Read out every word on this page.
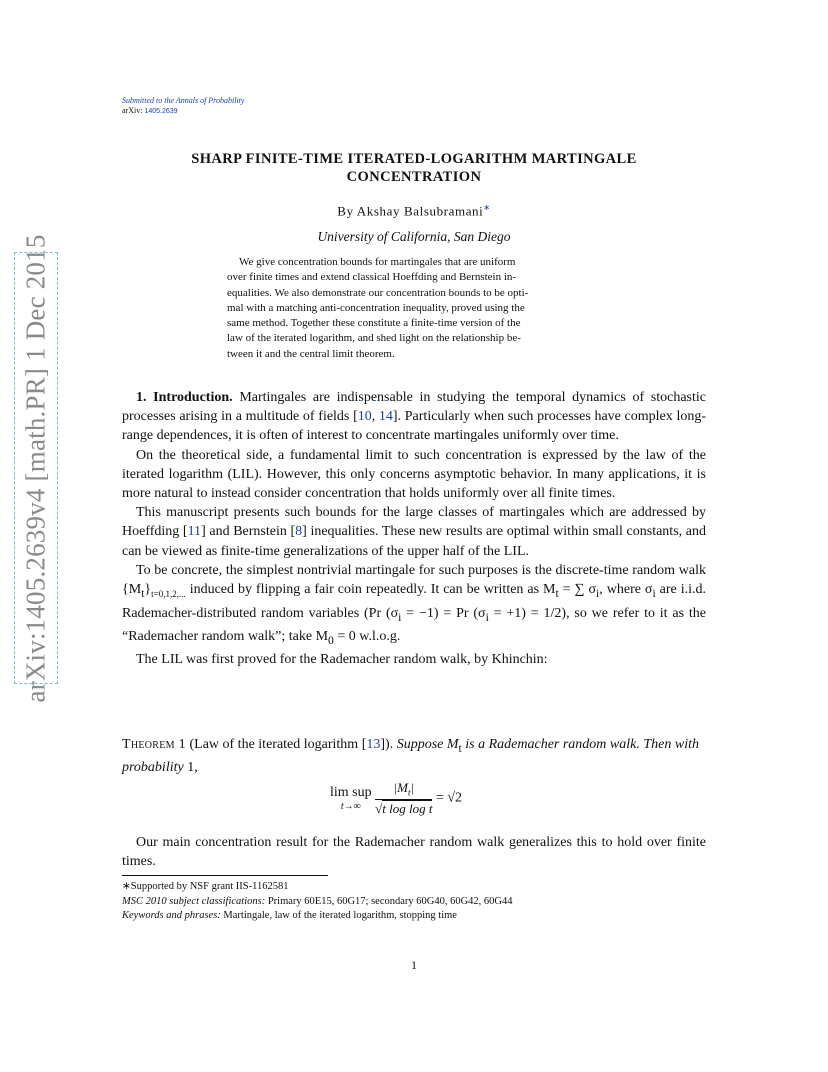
arXiv:1405.2639v4 [math.PR] 1 Dec 2015
Submitted to the Annals of Probability
arXiv: 1405.2639
SHARP FINITE-TIME ITERATED-LOGARITHM MARTINGALE
CONCENTRATION
By Akshay Balsubramani∗
University of California, San Diego
We give concentration bounds for martingales that are uniform
over finite times and extend classical Hoeffding and Bernstein in-
equalities. We also demonstrate our concentration bounds to be opti-
mal with a matching anti-concentration inequality, proved using the
same method. Together these constitute a finite-time version of the
law of the iterated logarithm, and shed light on the relationship be-
tween it and the central limit theorem.

1. Introduction. Martingales are indispensable in studying the temporal dynamics of stochastic processes arising in a multitude of fields [10, 14]. Particularly when such processes have complex long-range dependences, it is often of interest to concentrate martingales uniformly over time.

On the theoretical side, a fundamental limit to such concentration is expressed by the law of the iterated logarithm (LIL). However, this only concerns asymptotic behavior. In many applications, it is more natural to instead consider concentration that holds uniformly over all finite times.

This manuscript presents such bounds for the large classes of martingales which are addressed by Hoeffding [11] and Bernstein [8] inequalities. These new results are optimal within small constants, and can be viewed as finite-time generalizations of the upper half of the LIL.

To be concrete, the simplest nontrivial martingale for such purposes is the discrete-time random walk $\{M_t\}_{t=0,1,2,...}$ induced by flipping a fair coin repeatedly. It can be written as $M_t$ = ∑ $\sigma_i$, where $\sigma_i$ are i.i.d. Rademacher-distributed random variables (Pr $(\sigma_i = -1) = Pr$ $(\sigma_i = +1) = 1/2$), so we refer to it as the “Rademacher random walk”; take $M_0 = 0$ w.l.o.g.

The LIL was first proved for the Rademacher random walk, by Khinchin:

Theorem 1 (Law of the iterated logarithm [13]). Suppose $M_t$ is a Rademacher random walk. Then with probability 1,
lim sup
t→∞
	$\frac{|M_t|}{\text{√t log log t}} = √2$

Our main concentration result for the Rademacher random walk generalizes this to hold over finite times.

∗Supported by NSF grant IIS-1162581
MSC 2010 subject classifications: Primary 60E15, 60G17; secondary 60G40, 60G42, 60G44
Keywords and phrases: Martingale, law of the iterated logarithm, stopping time
1
